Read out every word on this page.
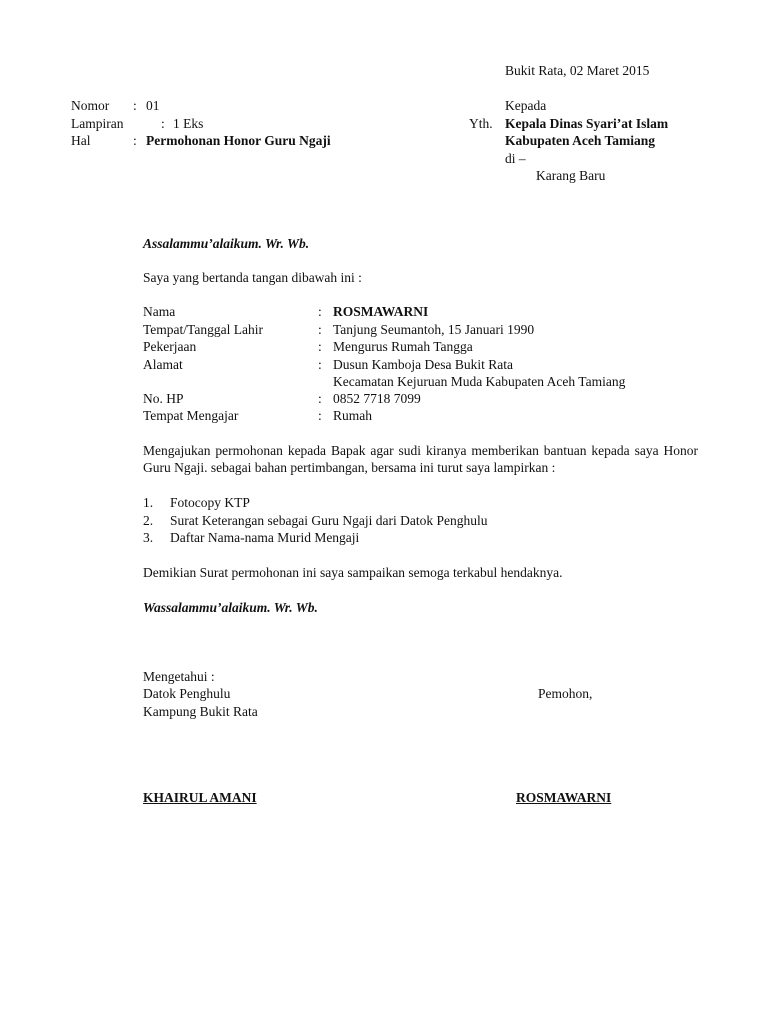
Bukit Rata, 02 Maret 2015
Nomor : 01
Lampiran	: 1 Eks
Hal	: Permohonan Honor Guru Ngaji
Kepada
Yth. Kepala Dinas Syari’at Islam
Kabupaten Aceh Tamiang
di –
Karang Baru
Assalammu’alaikum. Wr. Wb.
Saya yang bertanda tangan dibawah ini :
Nama	: ROSMAWARNI
Tempat/Tanggal Lahir	: Tanjung Seumantoh, 15 Januari 1990
Pekerjaan	: Mengurus Rumah Tangga
Alamat	: Dusun Kamboja Desa Bukit Rata
Kecamatan Kejuruan Muda Kabupaten Aceh Tamiang
No. HP	: 0852 7718 7099
Tempat Mengajar	: Rumah
Mengajukan permohonan kepada Bapak agar sudi kiranya memberikan bantuan kepada saya Honor Guru Ngaji. sebagai bahan pertimbangan, bersama ini turut saya lampirkan :
1. Fotocopy KTP
2. Surat Keterangan sebagai Guru Ngaji dari Datok Penghulu
3. Daftar Nama-nama Murid Mengaji
Demikian Surat permohonan ini saya sampaikan semoga terkabul hendaknya.
Wassalammu’alaikum. Wr. Wb.
Mengetahui :
Datok Penghulu
Kampung Bukit Rata
Pemohon,
KHAIRUL AMANI	ROSMAWARNI
